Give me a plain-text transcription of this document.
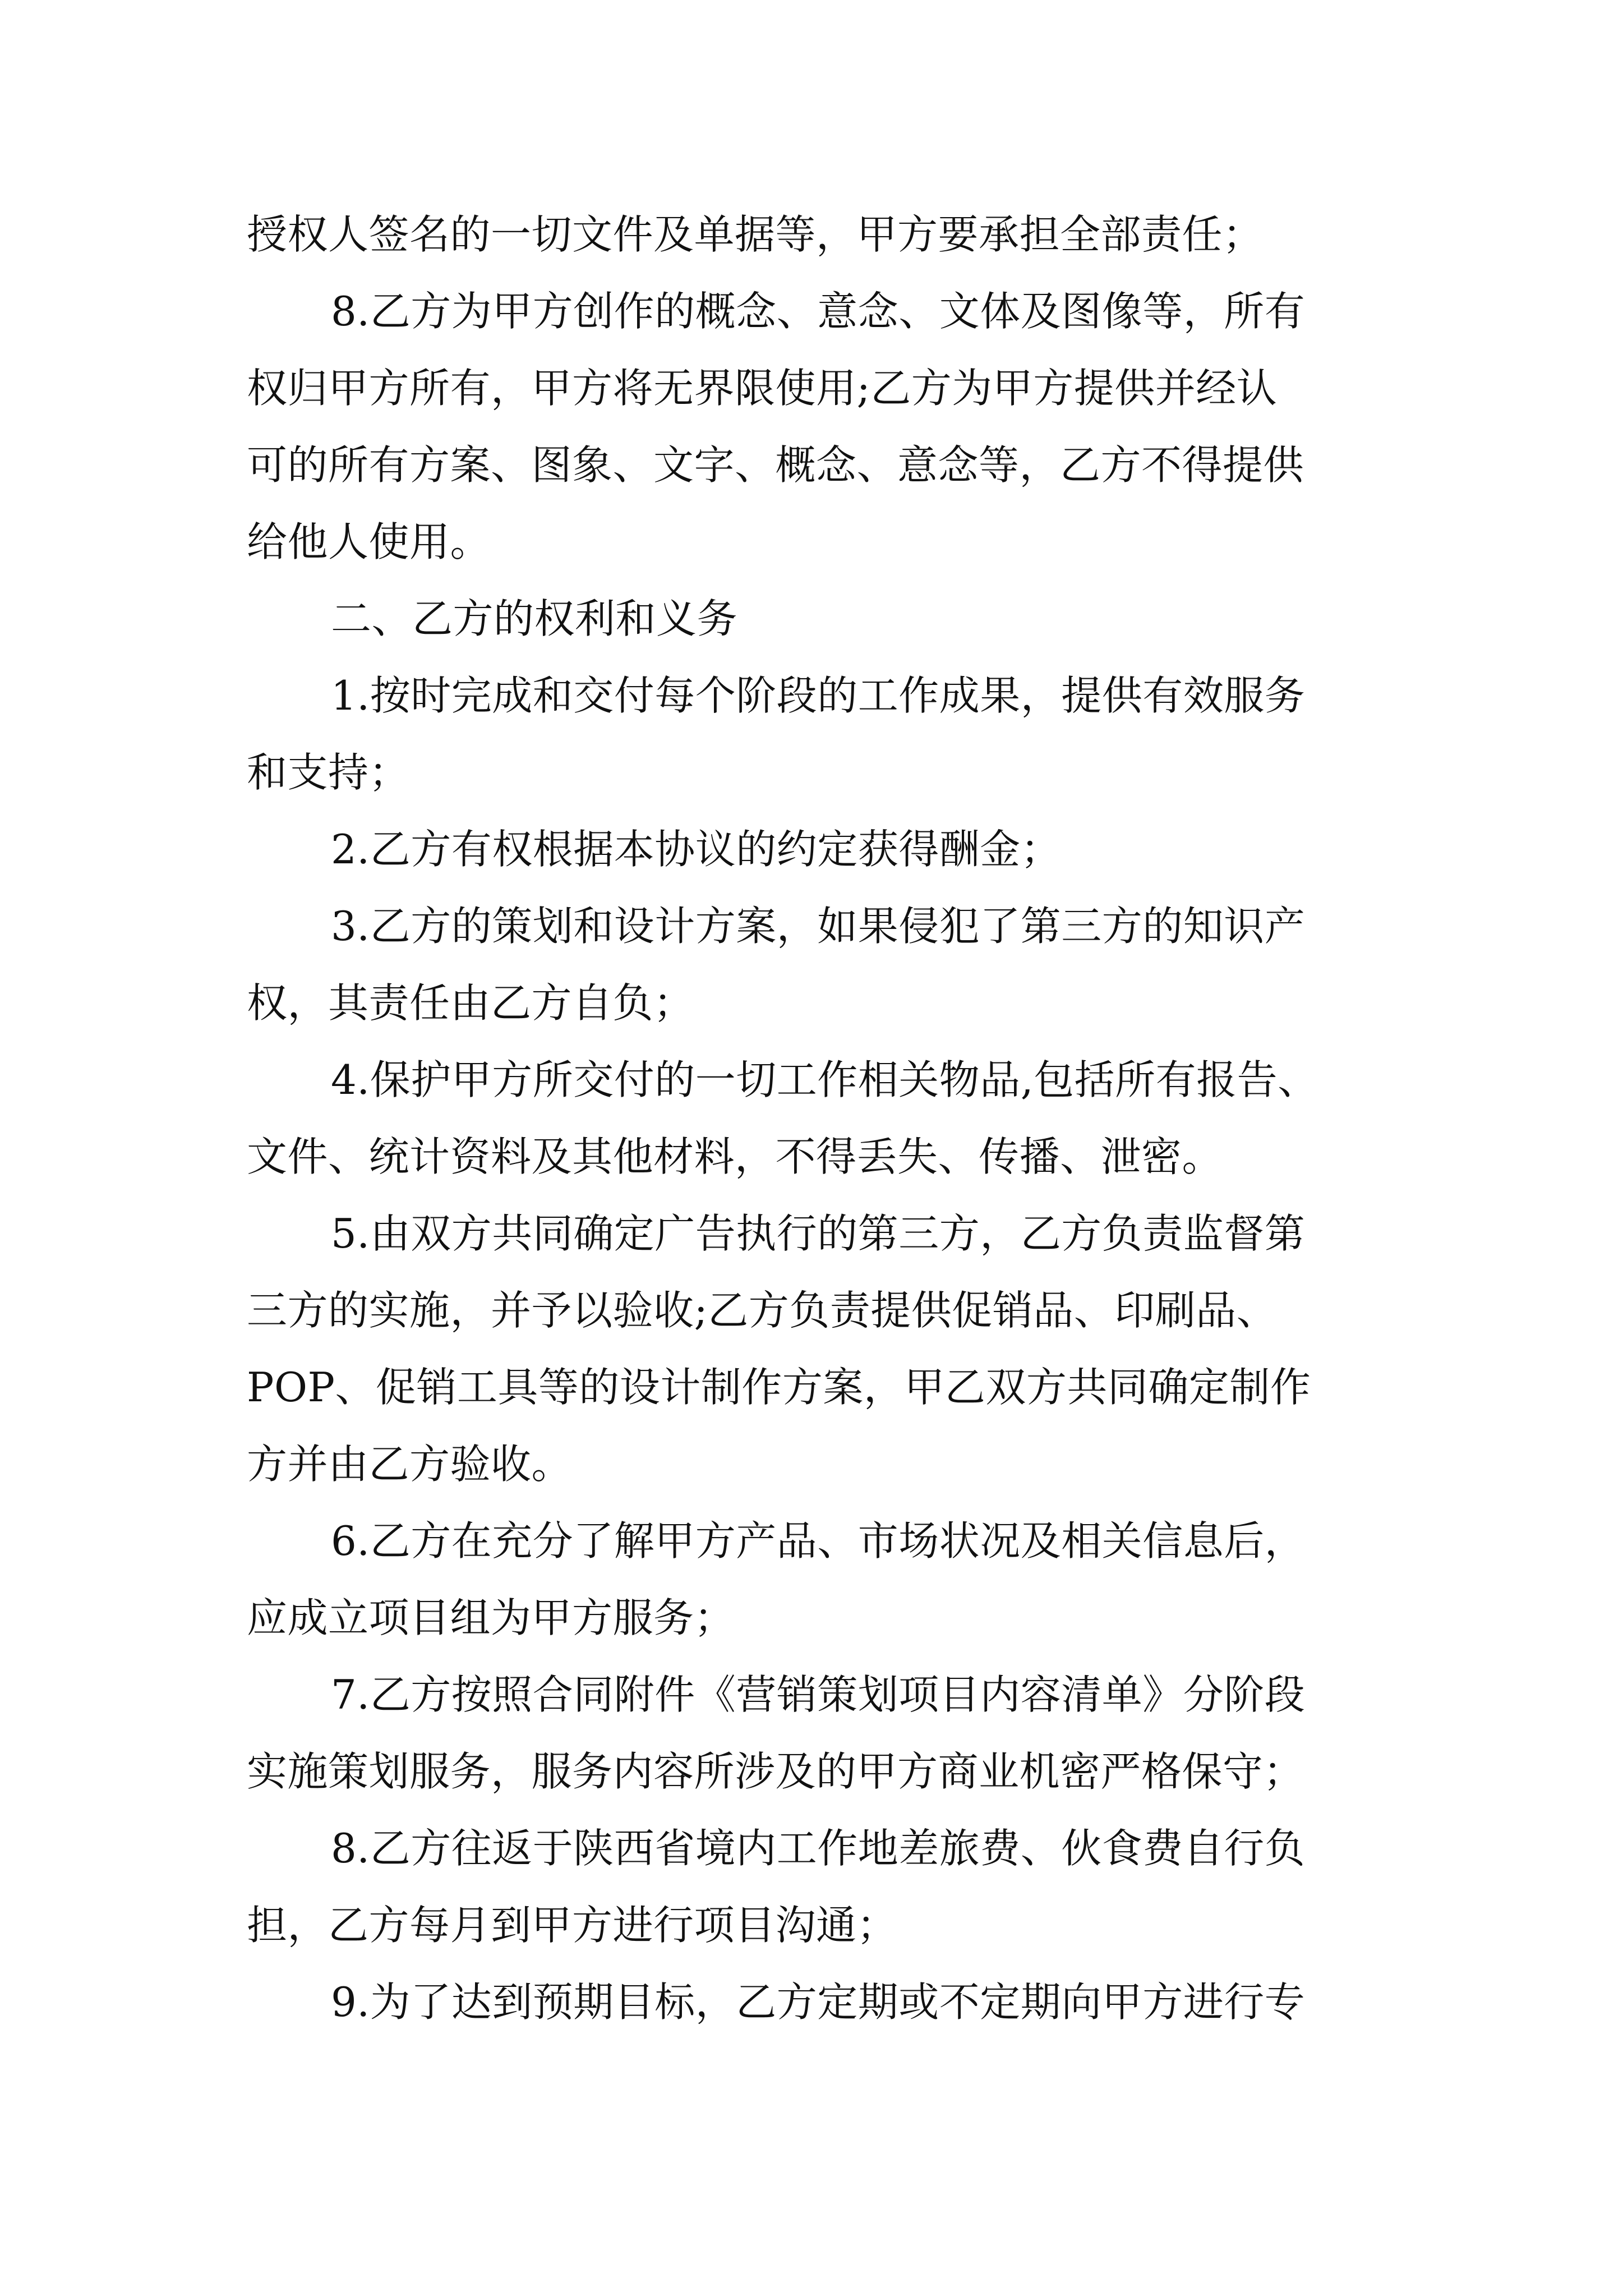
授权人签名的一切文件及单据等，甲方要承担全部责任；
8.乙方为甲方创作的概念、意念、文体及图像等，所有
权归甲方所有，甲方将无界限使用;乙方为甲方提供并经认
可的所有方案、图象、文字、概念、意念等，乙方不得提供
给他人使用。
二、乙方的权利和义务
1.按时完成和交付每个阶段的工作成果，提供有效服务
和支持；
2.乙方有权根据本协议的约定获得酬金；
3.乙方的策划和设计方案，如果侵犯了第三方的知识产
权，其责任由乙方自负；
4.保护甲方所交付的一切工作相关物品,包括所有报告、
文件、统计资料及其他材料，不得丢失、传播、泄密。
5.由双方共同确定广告执行的第三方，乙方负责监督第
三方的实施，并予以验收;乙方负责提供促销品、印刷品、
POP、促销工具等的设计制作方案，甲乙双方共同确定制作
方并由乙方验收。
6.乙方在充分了解甲方产品、市场状况及相关信息后，
应成立项目组为甲方服务；
7.乙方按照合同附件《营销策划项目内容清单》分阶段
实施策划服务，服务内容所涉及的甲方商业机密严格保守；
8.乙方往返于陕西省境内工作地差旅费、伙食费自行负
担，乙方每月到甲方进行项目沟通；
9.为了达到预期目标，乙方定期或不定期向甲方进行专
